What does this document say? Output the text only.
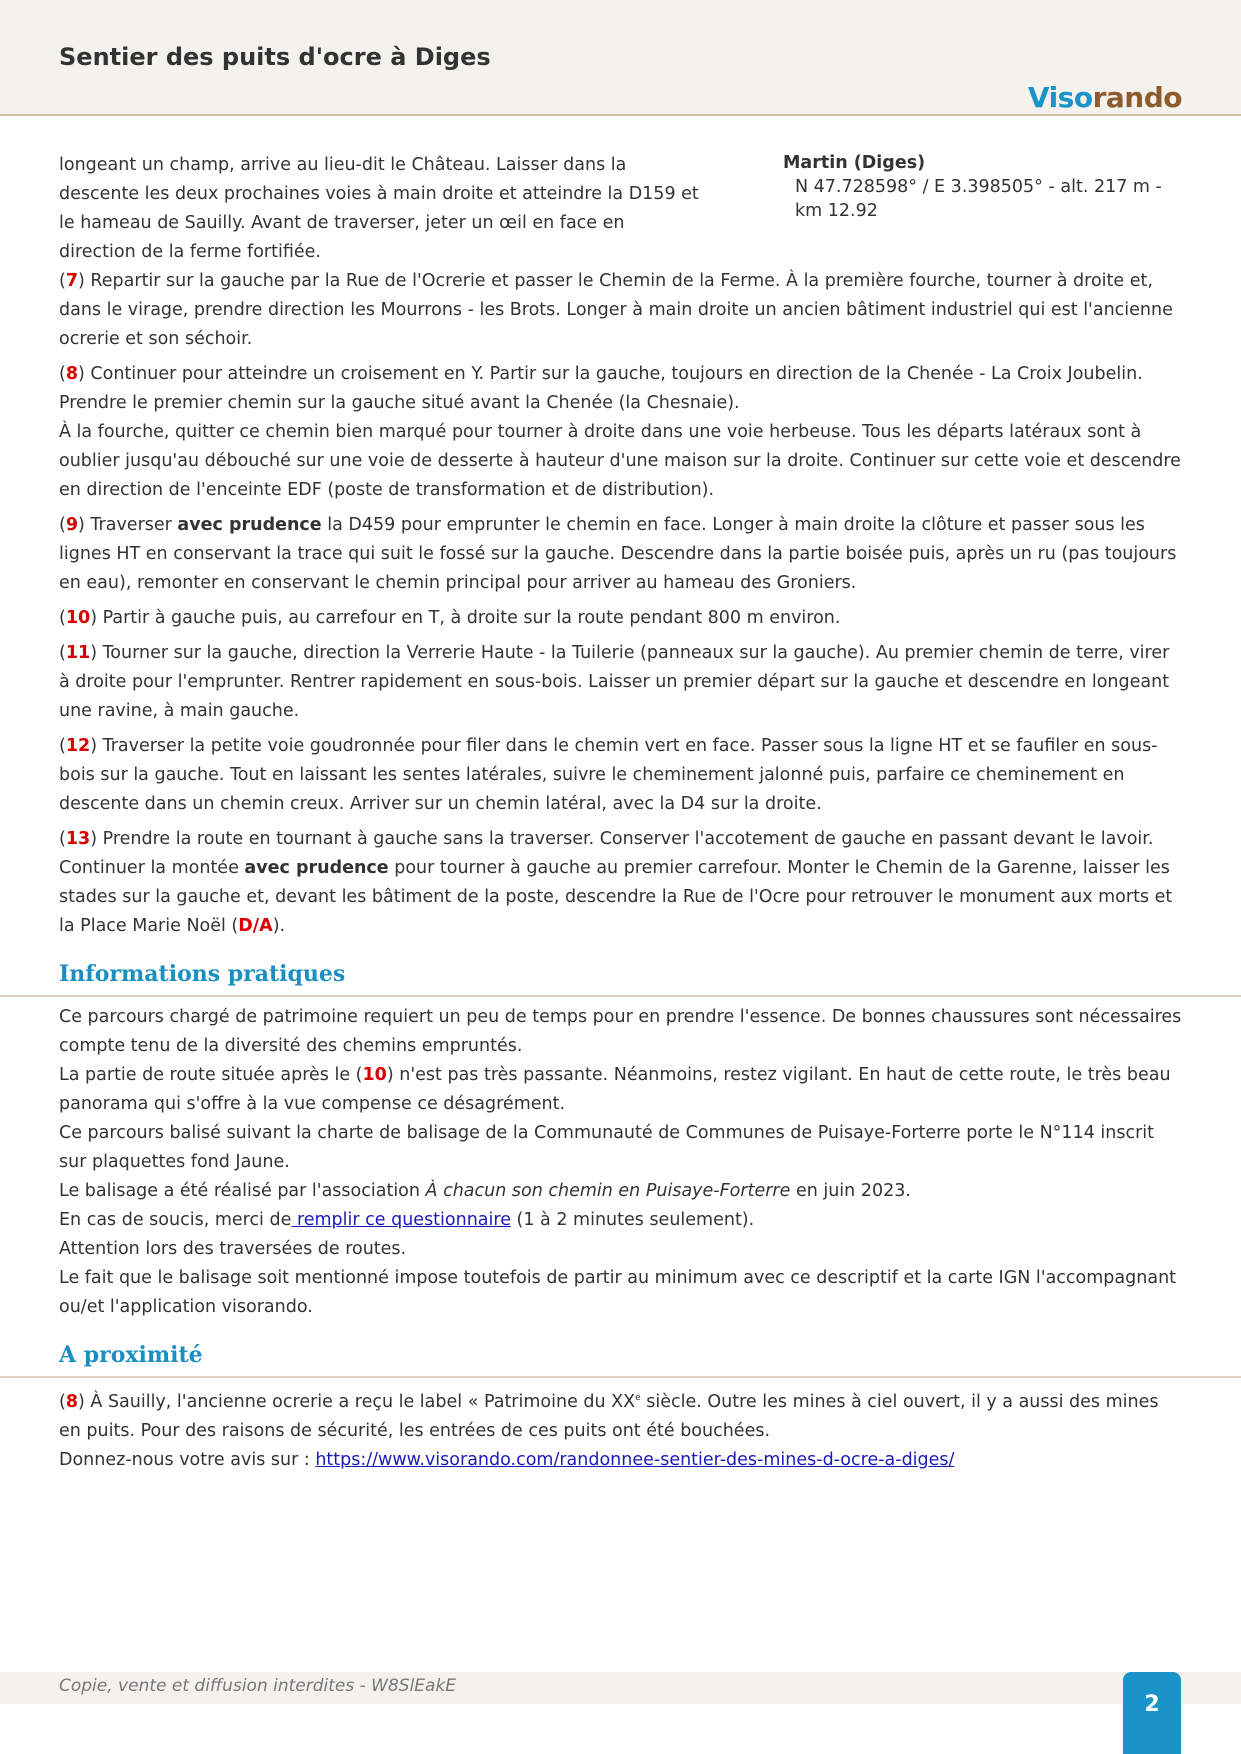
Sentier des puits d'ocre à Diges
Visorando

longeant un champ, arrive au lieu-dit le Château. Laisser dans la descente les deux prochaines voies à main droite et atteindre la D159 et le hameau de Sauilly. Avant de traverser, jeter un œil en face en direction de la ferme fortifiée.

Martin (Diges)
N 47.728598° / E 3.398505° - alt. 217 m - km 12.92

(7) Repartir sur la gauche par la Rue de l'Ocrerie et passer le Chemin de la Ferme. À la première fourche, tourner à droite et, dans le virage, prendre direction les Mourrons - les Brots. Longer à main droite un ancien bâtiment industriel qui est l'ancienne ocrerie et son séchoir.

(8) Continuer pour atteindre un croisement en Y. Partir sur la gauche, toujours en direction de la Chenée - La Croix Joubelin. Prendre le premier chemin sur la gauche situé avant la Chenée (la Chesnaie).
À la fourche, quitter ce chemin bien marqué pour tourner à droite dans une voie herbeuse. Tous les départs latéraux sont à oublier jusqu'au débouché sur une voie de desserte à hauteur d'une maison sur la droite. Continuer sur cette voie et descendre en direction de l'enceinte EDF (poste de transformation et de distribution).

(9) Traverser avec prudence la D459 pour emprunter le chemin en face. Longer à main droite la clôture et passer sous les lignes HT en conservant la trace qui suit le fossé sur la gauche. Descendre dans la partie boisée puis, après un ru (pas toujours en eau), remonter en conservant le chemin principal pour arriver au hameau des Groniers.

(10) Partir à gauche puis, au carrefour en T, à droite sur la route pendant 800 m environ.

(11) Tourner sur la gauche, direction la Verrerie Haute - la Tuilerie (panneaux sur la gauche). Au premier chemin de terre, virer à droite pour l'emprunter. Rentrer rapidement en sous-bois. Laisser un premier départ sur la gauche et descendre en longeant une ravine, à main gauche.

(12) Traverser la petite voie goudronnée pour filer dans le chemin vert en face. Passer sous la ligne HT et se faufiler en sous-bois sur la gauche. Tout en laissant les sentes latérales, suivre le cheminement jalonné puis, parfaire ce cheminement en descente dans un chemin creux. Arriver sur un chemin latéral, avec la D4 sur la droite.

(13) Prendre la route en tournant à gauche sans la traverser. Conserver l'accotement de gauche en passant devant le lavoir. Continuer la montée avec prudence pour tourner à gauche au premier carrefour. Monter le Chemin de la Garenne, laisser les stades sur la gauche et, devant les bâtiment de la poste, descendre la Rue de l'Ocre pour retrouver le monument aux morts et la Place Marie Noël (D/A).

Informations pratiques

Ce parcours chargé de patrimoine requiert un peu de temps pour en prendre l'essence. De bonnes chaussures sont nécessaires compte tenu de la diversité des chemins empruntés.

La partie de route située après le (10) n'est pas très passante. Néanmoins, restez vigilant. En haut de cette route, le très beau panorama qui s'offre à la vue compense ce désagrément.

Ce parcours balisé suivant la charte de balisage de la Communauté de Communes de Puisaye-Forterre porte le N°114 inscrit sur plaquettes fond Jaune.

Le balisage a été réalisé par l'association À chacun son chemin en Puisaye-Forterre en juin 2023.

En cas de soucis, merci de remplir ce questionnaire (1 à 2 minutes seulement).

Attention lors des traversées de routes.

Le fait que le balisage soit mentionné impose toutefois de partir au minimum avec ce descriptif et la carte IGN l'accompagnant ou/et l'application visorando.

A proximité

(8) À Sauilly, l'ancienne ocrerie a reçu le label « Patrimoine du XXe siècle. Outre les mines à ciel ouvert, il y a aussi des mines en puits. Pour des raisons de sécurité, les entrées de ces puits ont été bouchées.

Donnez-nous votre avis sur : https://www.visorando.com/randonnee-sentier-des-mines-d-ocre-a-diges/

Copie, vente et diffusion interdites - W8SlEakE
2
